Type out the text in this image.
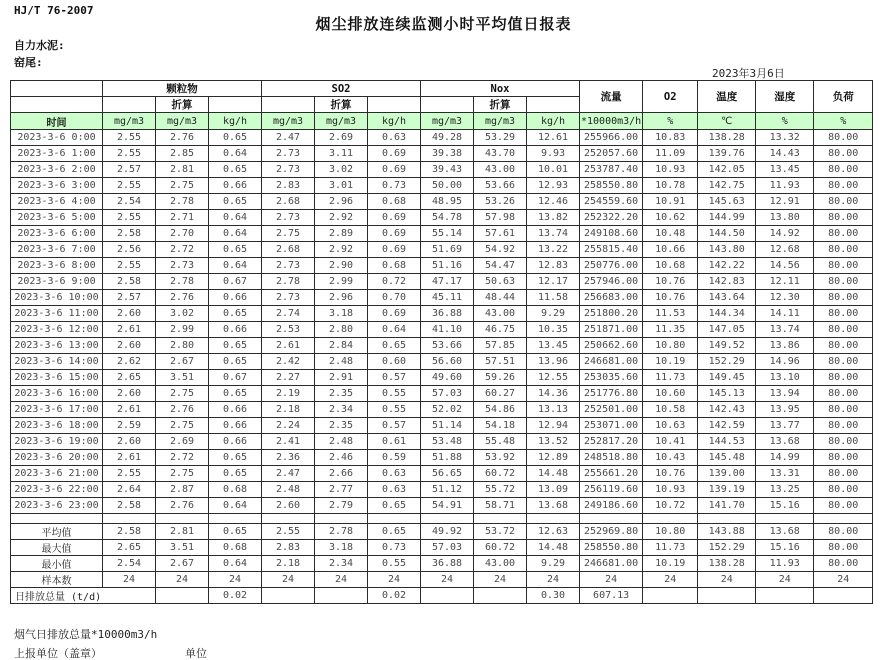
HJ/T 76-2007
烟尘排放连续监测小时平均值日报表
自力水泥:
窑尾:
2023年3月6日
	颗粒物			SO2			Nox			流量	O2	温度	湿度	负荷
		折算			折算			折算						
时间	mg/m3	mg/m3	kg/h	mg/m3	mg/m3	kg/h	mg/m3	mg/m3	kg/h	*10000m3/h	%	℃	%	%
2023-3-6 0:00	2.55	2.76	0.65	2.47	2.69	0.63	49.28	53.29	12.61	255966.00	10.83	138.28	13.32	80.00
2023-3-6 1:00	2.55	2.85	0.64	2.73	3.11	0.69	39.38	43.70	9.93	252057.60	11.09	139.76	14.43	80.00
2023-3-6 2:00	2.57	2.81	0.65	2.73	3.02	0.69	39.43	43.00	10.01	253787.40	10.93	142.05	13.45	80.00
2023-3-6 3:00	2.55	2.75	0.66	2.83	3.01	0.73	50.00	53.66	12.93	258550.80	10.78	142.75	11.93	80.00
2023-3-6 4:00	2.54	2.78	0.65	2.68	2.96	0.68	48.95	53.26	12.46	254559.60	10.91	145.63	12.91	80.00
2023-3-6 5:00	2.55	2.71	0.64	2.73	2.92	0.69	54.78	57.98	13.82	252322.20	10.62	144.99	13.80	80.00
2023-3-6 6:00	2.58	2.70	0.64	2.75	2.89	0.69	55.14	57.61	13.74	249108.60	10.48	144.50	14.92	80.00
2023-3-6 7:00	2.56	2.72	0.65	2.68	2.92	0.69	51.69	54.92	13.22	255815.40	10.66	143.80	12.68	80.00
2023-3-6 8:00	2.55	2.73	0.64	2.73	2.90	0.68	51.16	54.47	12.83	250776.00	10.68	142.22	14.56	80.00
2023-3-6 9:00	2.58	2.78	0.67	2.78	2.99	0.72	47.17	50.63	12.17	257946.00	10.76	142.83	12.11	80.00
2023-3-6 10:00	2.57	2.76	0.66	2.73	2.96	0.70	45.11	48.44	11.58	256683.00	10.76	143.64	12.30	80.00
2023-3-6 11:00	2.60	3.02	0.65	2.74	3.18	0.69	36.88	43.00	9.29	251800.20	11.53	144.34	14.11	80.00
2023-3-6 12:00	2.61	2.99	0.66	2.53	2.80	0.64	41.10	46.75	10.35	251871.00	11.35	147.05	13.74	80.00
2023-3-6 13:00	2.60	2.80	0.65	2.61	2.84	0.65	53.66	57.85	13.45	250662.60	10.80	149.52	13.86	80.00
2023-3-6 14:00	2.62	2.67	0.65	2.42	2.48	0.60	56.60	57.51	13.96	246681.00	10.19	152.29	14.96	80.00
2023-3-6 15:00	2.65	3.51	0.67	2.27	2.91	0.57	49.60	59.26	12.55	253035.60	11.73	149.45	13.10	80.00
2023-3-6 16:00	2.60	2.75	0.65	2.19	2.35	0.55	57.03	60.27	14.36	251776.80	10.60	145.13	13.94	80.00
2023-3-6 17:00	2.61	2.76	0.66	2.18	2.34	0.55	52.02	54.86	13.13	252501.00	10.58	142.43	13.95	80.00
2023-3-6 18:00	2.59	2.75	0.66	2.24	2.35	0.57	51.14	54.18	12.94	253071.00	10.63	142.59	13.77	80.00
2023-3-6 19:00	2.60	2.69	0.66	2.41	2.48	0.61	53.48	55.48	13.52	252817.20	10.41	144.53	13.68	80.00
2023-3-6 20:00	2.61	2.72	0.65	2.36	2.46	0.59	51.88	53.92	12.89	248518.80	10.43	145.48	14.99	80.00
2023-3-6 21:00	2.55	2.75	0.65	2.47	2.66	0.63	56.65	60.72	14.48	255661.20	10.76	139.00	13.31	80.00
2023-3-6 22:00	2.64	2.87	0.68	2.48	2.77	0.63	51.12	55.72	13.09	256119.60	10.93	139.19	13.25	80.00
2023-3-6 23:00	2.58	2.76	0.64	2.60	2.79	0.65	54.91	58.71	13.68	249186.60	10.72	141.70	15.16	80.00

平均值	2.58	2.81	0.65	2.55	2.78	0.65	49.92	53.72	12.63	252969.80	10.80	143.88	13.68	80.00
最大值	2.65	3.51	0.68	2.83	3.18	0.73	57.03	60.72	14.48	258550.80	11.73	152.29	15.16	80.00
最小值	2.54	2.67	0.64	2.18	2.34	0.55	36.88	43.00	9.29	246681.00	10.19	138.28	11.93	80.00
样本数	24	24	24	24	24	24	24	24	24	24	24	24	24	24
日排放总量 (t/d)			0.02			0.02			0.30	607.13				
烟气日排放总量*10000m3/h
上报单位（盖章）	单位
